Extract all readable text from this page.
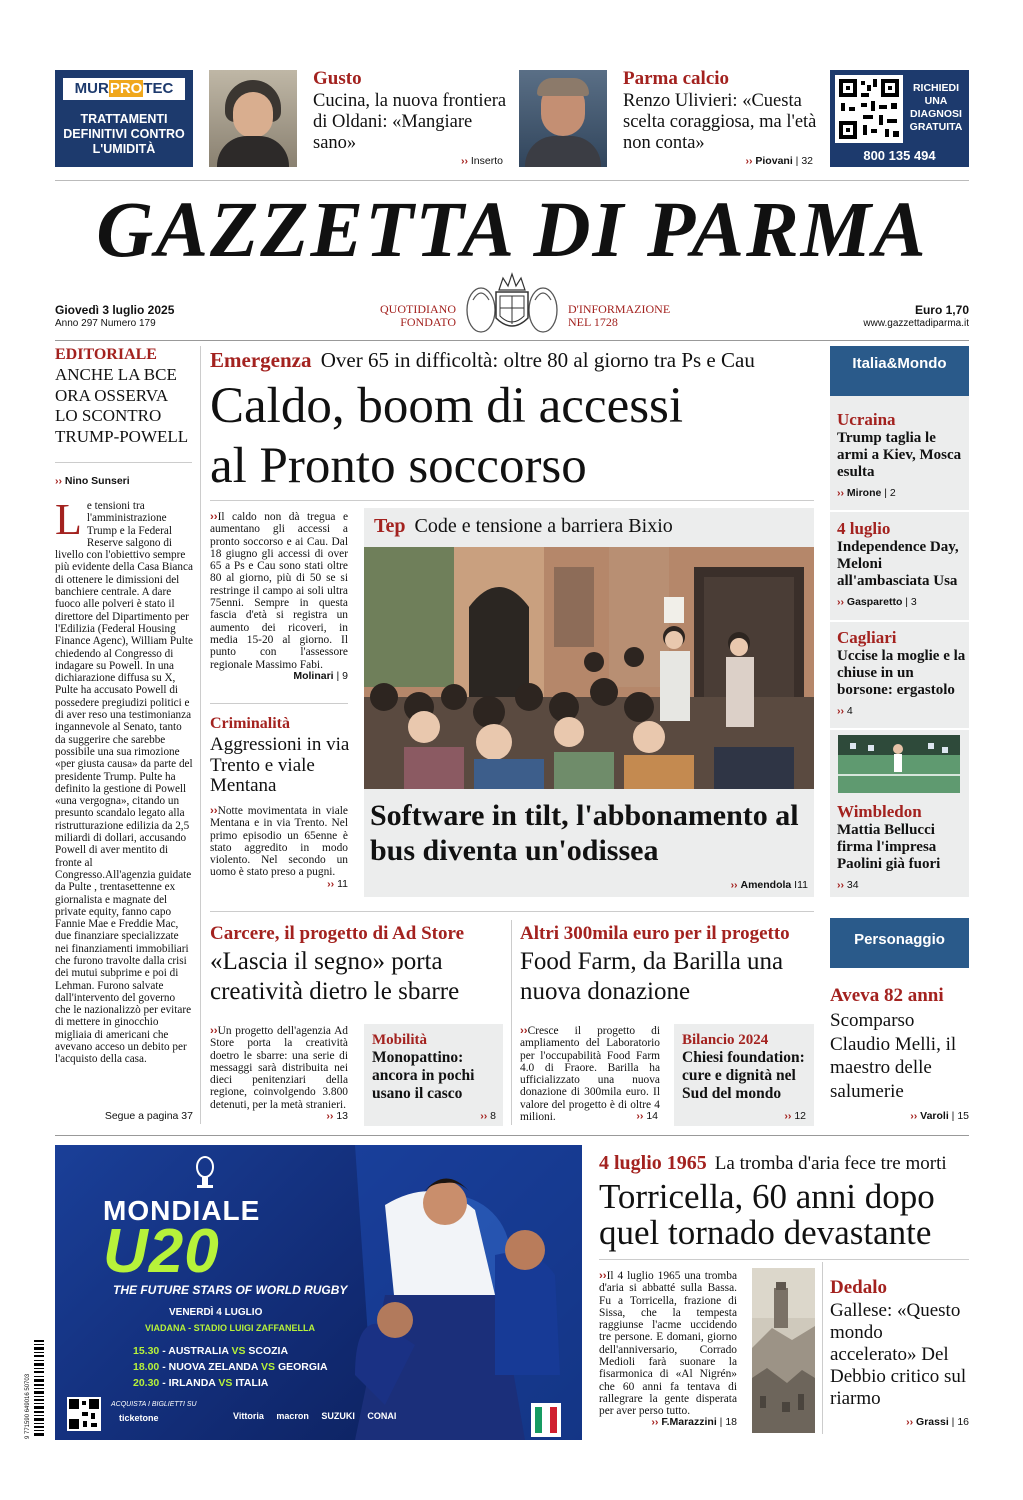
MURPROTEC
TRATTAMENTI
DEFINITIVI CONTRO
L'UMIDITÀ
Gusto
Cucina, la nuova frontiera di Oldani: «Mangiare sano»
›› Inserto
Parma calcio
Renzo Ulivieri: «Cuesta scelta coraggiosa, ma l'età non conta»
›› Piovani | 32
RICHIEDI
UNA
DIAGNOSI
GRATUITA
800 135 494
GAZZETTA DI PARMA
Giovedì 3 luglio 2025
Anno 297 Numero 179
QUOTIDIANO
FONDATO
D'INFORMAZIONE
NEL 1728
Euro 1,70
www.gazzettadiparma.it
EDITORIALE
ANCHE LA BCE ORA OSSERVA LO SCONTRO TRUMP-POWELL
›› Nino Sunseri
L e tensioni tra l'amministrazione Trump e la Federal Reserve salgono di livello con l'obiettivo sempre più evidente della Casa Bianca di ottenere le dimissioni del banchiere centrale. A dare fuoco alle polveri è stato il direttore del Dipartimento per l'Edilizia (Federal Housing Finance Agenc), William Pulte chiedendo al Congresso di indagare su Powell. In una dichiarazione diffusa su X, Pulte ha accusato Powell di possedere pregiudizi politici e di aver reso una testimonianza ingannevole al Senato, tanto da suggerire che sarebbe possibile una sua rimozione «per giusta causa» da parte del presidente Trump. Pulte ha definito la gestione di Powell «una vergogna», citando un presunto scandalo legato alla ristrutturazione edilizia da 2,5 miliardi di dollari, accusando Powell di aver mentito di fronte al Congresso.All'agenzia guidate da Pulte , trentasettenne ex giornalista e magnate del private equity, fanno capo Fannie Mae e Freddie Mac, due finanziare specializzate nei finanziamenti immobiliari che furono travolte dalla crisi dei mutui subprime e poi di Lehman. Furono salvate dall'intervento del governo che le nazionalizzò per evitare di mettere in ginocchio migliaia di americani che avevano acceso un debito per l'acquisto della casa.
Segue a pagina 37
Emergenza Over 65 in difficoltà: oltre 80 al giorno tra Ps e Cau
Caldo, boom di accessi
al Pronto soccorso
››Il caldo non dà tregua e aumentano gli accessi a pronto soccorso e ai Cau. Dal 18 giugno gli accessi di over 65 a Ps e Cau sono stati oltre 80 al giorno, più di 50 se si restringe il campo ai soli ultra 75enni. Sempre in questa fascia d'età si registra un aumento dei ricoveri, in media 15-20 al giorno. Il punto con l'assessore regionale Massimo Fabi.
Molinari | 9
Criminalità
Aggressioni in via Trento e viale Mentana
››Notte movimentata in viale Mentana e in via Trento. Nel primo episodio un 65enne è stato aggredito in modo violento. Nel secondo un uomo è stato preso a pugni.
›› 11
Tep Code e tensione a barriera Bixio
Software in tilt, l'abbonamento al bus diventa un'odissea
›› Amendola I11
Carcere, il progetto di Ad Store
«Lascia il segno» porta creatività dietro le sbarre
››Un progetto dell'agenzia Ad Store porta la creatività doetro le sbarre: una serie di messaggi sarà distribuita nei dieci penitenziari della regione, coinvolgendo 3.800 detenuti, per la metà stranieri.
›› 13
Mobilità
Monopattino: ancora in pochi usano il casco
›› 8
Altri 300mila euro per il progetto
Food Farm, da Barilla una nuova donazione
››Cresce il progetto di ampliamento del Laboratorio per l'occupabilità Food Farm 4.0 di Fraore. Barilla ha ufficializzato una nuova donazione di 300mila euro. Il valore del progetto è di oltre 4 milioni.	›› 14
Bilancio 2024
Chiesi foundation: cure e dignità nel Sud del mondo
›› 12
Italia&Mondo
Ucraina
Trump taglia le armi a Kiev, Mosca esulta
›› Mirone | 2
4 luglio
Independence Day, Meloni all'ambasciata Usa
›› Gasparetto | 3
Cagliari
Uccise la moglie e la chiuse in un borsone: ergastolo
›› 4
Wimbledon
Mattia Bellucci firma l'impresa Paolini già fuori
›› 34
Personaggio
Aveva 82 anni
Scomparso Claudio Melli, il maestro delle salumerie
›› Varoli | 15
MONDIALE
U20
THE FUTURE STARS OF WORLD RUGBY
VENERDÌ 4 LUGLIO
VIADANA - STADIO LUIGI ZAFFANELLA
15.30 - AUSTRALIA VS SCOZIA
18.00 - NUOVA ZELANDA VS GEORGIA
20.30 - IRLANDA VS ITALIA
ACQUISTA I BIGLIETTI SU
ticketone	Vittoria macron SUZUKI CONAI
9 771590 649016 50703
4 luglio 1965 La tromba d'aria fece tre morti
Torricella, 60 anni dopo quel tornado devastante
››Il 4 luglio 1965 una tromba d'aria si abbatté sulla Bassa. Fu a Torricella, frazione di Sissa, che la tempesta raggiunse l'acme uccidendo tre persone. E domani, giorno dell'anniversario, Corrado Medioli farà suonare la fisarmonica di «Al Nigrén» che 60 anni fa tentava di rallegrare la gente disperata per aver perso tutto.
›› F.Marazzini | 18
Dedalo
Gallese: «Questo mondo accelerato» Del Debbio critico sul riarmo
›› Grassi | 16
